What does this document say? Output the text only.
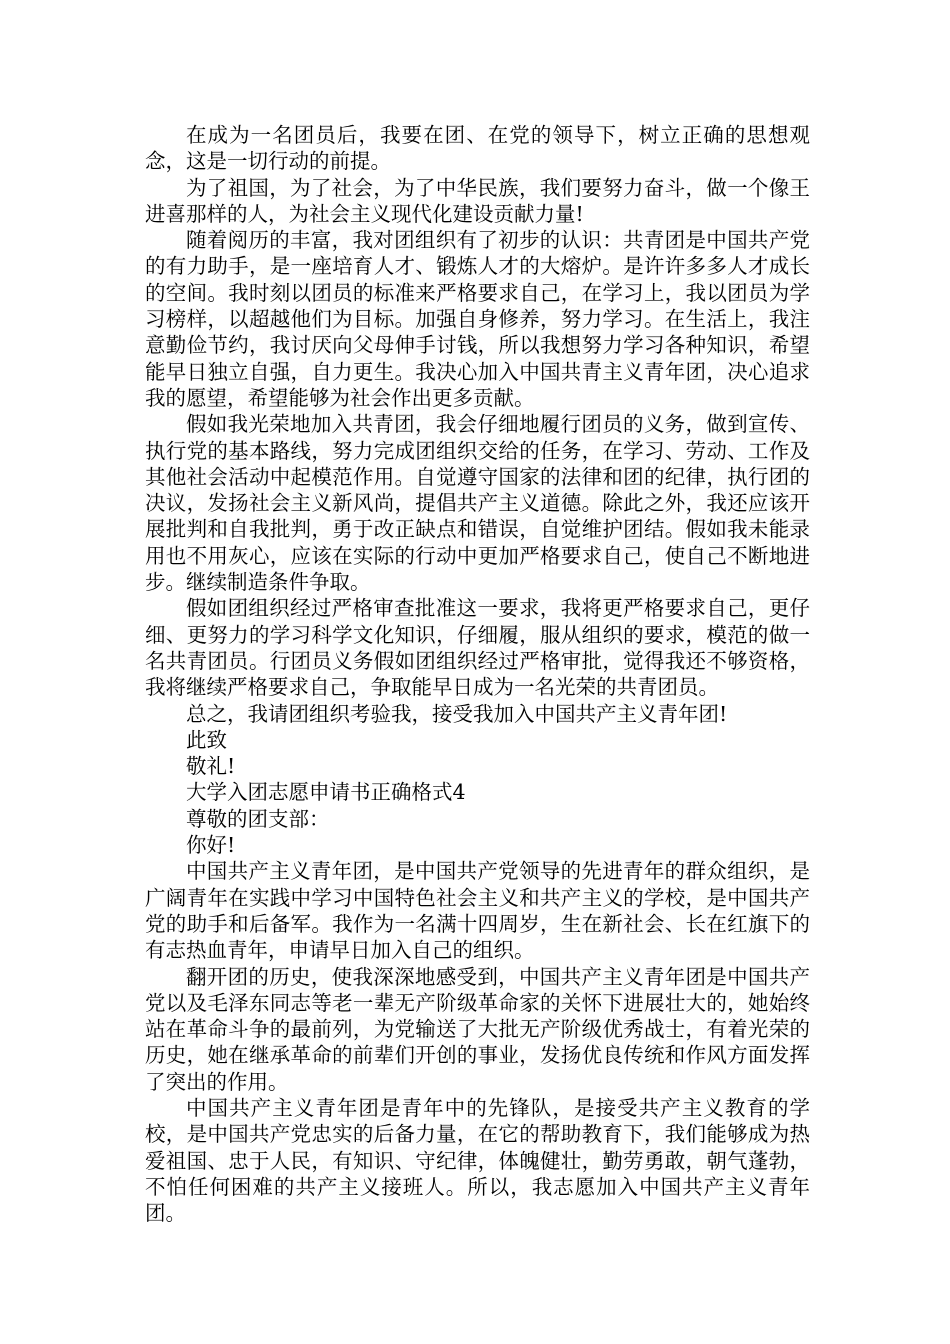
在成为一名团员后，我要在团、在党的领导下，树立正确的思想观念，这是一切行动的前提。

为了祖国，为了社会，为了中华民族，我们要努力奋斗，做一个像王进喜那样的人，为社会主义现代化建设贡献力量!

随着阅历的丰富，我对团组织有了初步的认识：共青团是中国共产党的有力助手，是一座培育人才、锻炼人才的大熔炉。是许许多多人才成长的空间。我时刻以团员的标准来严格要求自己，在学习上，我以团员为学习榜样，以超越他们为目标。加强自身修养，努力学习。在生活上，我注意勤俭节约，我讨厌向父母伸手讨钱，所以我想努力学习各种知识，希望能早日独立自强，自力更生。我决心加入中国共青主义青年团，决心追求我的愿望，希望能够为社会作出更多贡献。

假如我光荣地加入共青团，我会仔细地履行团员的义务，做到宣传、执行党的基本路线，努力完成团组织交给的任务，在学习、劳动、工作及其他社会活动中起模范作用。自觉遵守国家的法律和团的纪律，执行团的决议，发扬社会主义新风尚，提倡共产主义道德。除此之外，我还应该开展批判和自我批判，勇于改正缺点和错误，自觉维护团结。假如我未能录用也不用灰心，应该在实际的行动中更加严格要求自己，使自己不断地进步。继续制造条件争取。

假如团组织经过严格审查批准这一要求，我将更严格要求自己，更仔细、更努力的学习科学文化知识，仔细履，服从组织的要求，模范的做一名共青团员。行团员义务假如团组织经过严格审批，觉得我还不够资格，我将继续严格要求自己，争取能早日成为一名光荣的共青团员。

总之，我请团组织考验我，接受我加入中国共产主义青年团!

此致

敬礼!

大学入团志愿申请书正确格式4

尊敬的团支部：

你好!

中国共产主义青年团，是中国共产党领导的先进青年的群众组织，是广阔青年在实践中学习中国特色社会主义和共产主义的学校，是中国共产党的助手和后备军。我作为一名满十四周岁，生在新社会、长在红旗下的有志热血青年，申请早日加入自己的组织。

翻开团的历史，使我深深地感受到，中国共产主义青年团是中国共产党以及毛泽东同志等老一辈无产阶级革命家的关怀下进展壮大的，她始终站在革命斗争的最前列，为党输送了大批无产阶级优秀战士，有着光荣的历史，她在继承革命的前辈们开创的事业，发扬优良传统和作风方面发挥了突出的作用。

中国共产主义青年团是青年中的先锋队，是接受共产主义教育的学校，是中国共产党忠实的后备力量，在它的帮助教育下，我们能够成为热爱祖国、忠于人民，有知识、守纪律，体魄健壮，勤劳勇敢，朝气蓬勃，不怕任何困难的共产主义接班人。所以，我志愿加入中国共产主义青年团。
